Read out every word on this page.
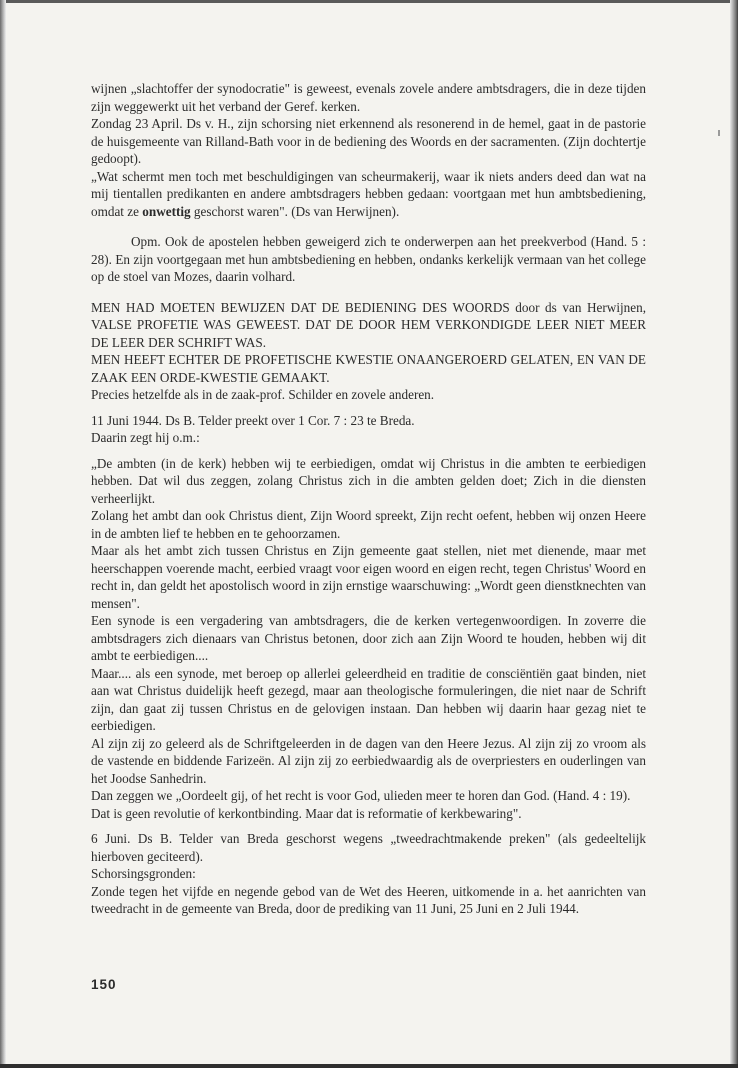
wijnen „slachtoffer der synodocratie" is geweest, evenals zovele andere ambtsdragers, die in deze tijden zijn weggewerkt uit het verband der Geref. kerken.

Zondag 23 April. Ds v. H., zijn schorsing niet erkennend als resonerend in de hemel, gaat in de pastorie de huisgemeente van Rilland-Bath voor in de bediening des Woords en der sacramenten. (Zijn dochtertje gedoopt).

„Wat schermt men toch met beschuldigingen van scheurmakerij, waar ik niets anders deed dan wat na mij tientallen predikanten en andere ambtsdragers hebben gedaan: voortgaan met hun ambtsbediening, omdat ze onwettig geschorst waren". (Ds van Herwijnen).

Opm. Ook de apostelen hebben geweigerd zich te onderwerpen aan het preekverbod (Hand. 5 : 28). En zijn voortgegaan met hun ambtsbediening en hebben, ondanks kerkelijk vermaan van het college op de stoel van Mozes, daarin volhard.

MEN HAD MOETEN BEWIJZEN DAT DE BEDIENING DES WOORDS door ds van Herwijnen, VALSE PROFETIE WAS GEWEEST. DAT DE DOOR HEM VERKONDIGDE LEER NIET MEER DE LEER DER SCHRIFT WAS.

MEN HEEFT ECHTER DE PROFETISCHE KWESTIE ONAANGEROERD GELATEN, EN VAN DE ZAAK EEN ORDE-KWESTIE GEMAAKT.

Precies hetzelfde als in de zaak-prof. Schilder en zovele anderen.

11 Juni 1944. Ds B. Telder preekt over 1 Cor. 7 : 23 te Breda.

Daarin zegt hij o.m.:

„De ambten (in de kerk) hebben wij te eerbiedigen, omdat wij Christus in die ambten te eerbiedigen hebben. Dat wil dus zeggen, zolang Christus zich in die ambten gelden doet; Zich in die diensten verheerlijkt.

Zolang het ambt dan ook Christus dient, Zijn Woord spreekt, Zijn recht oefent, hebben wij onzen Heere in de ambten lief te hebben en te gehoorzamen.

Maar als het ambt zich tussen Christus en Zijn gemeente gaat stellen, niet met dienende, maar met heerschappen voerende macht, eerbied vraagt voor eigen woord en eigen recht, tegen Christus' Woord en recht in, dan geldt het apostolisch woord in zijn ernstige waarschuwing: „Wordt geen dienstknechten van mensen".

Een synode is een vergadering van ambtsdragers, die de kerken vertegenwoordigen. In zoverre die ambtsdragers zich dienaars van Christus betonen, door zich aan Zijn Woord te houden, hebben wij dit ambt te eerbiedigen....

Maar.... als een synode, met beroep op allerlei geleerdheid en traditie de consciëntiën gaat binden, niet aan wat Christus duidelijk heeft gezegd, maar aan theologische formuleringen, die niet naar de Schrift zijn, dan gaat zij tussen Christus en de gelovigen instaan. Dan hebben wij daarin haar gezag niet te eerbiedigen.

Al zijn zij zo geleerd als de Schriftgeleerden in de dagen van den Heere Jezus. Al zijn zij zo vroom als de vastende en biddende Farizeën. Al zijn zij zo eerbiedwaardig als de overpriesters en ouderlingen van het Joodse Sanhedrin.

Dan zeggen we „Oordeelt gij, of het recht is voor God, ulieden meer te horen dan God. (Hand. 4 : 19).

Dat is geen revolutie of kerkontbinding. Maar dat is reformatie of kerkbewaring".

6 Juni. Ds B. Telder van Breda geschorst wegens „tweedrachtmakende preken" (als gedeeltelijk hierboven geciteerd).

Schorsingsgronden:

Zonde tegen het vijfde en negende gebod van de Wet des Heeren, uitkomende in a. het aanrichten van tweedracht in de gemeente van Breda, door de prediking van 11 Juni, 25 Juni en 2 Juli 1944.

150
